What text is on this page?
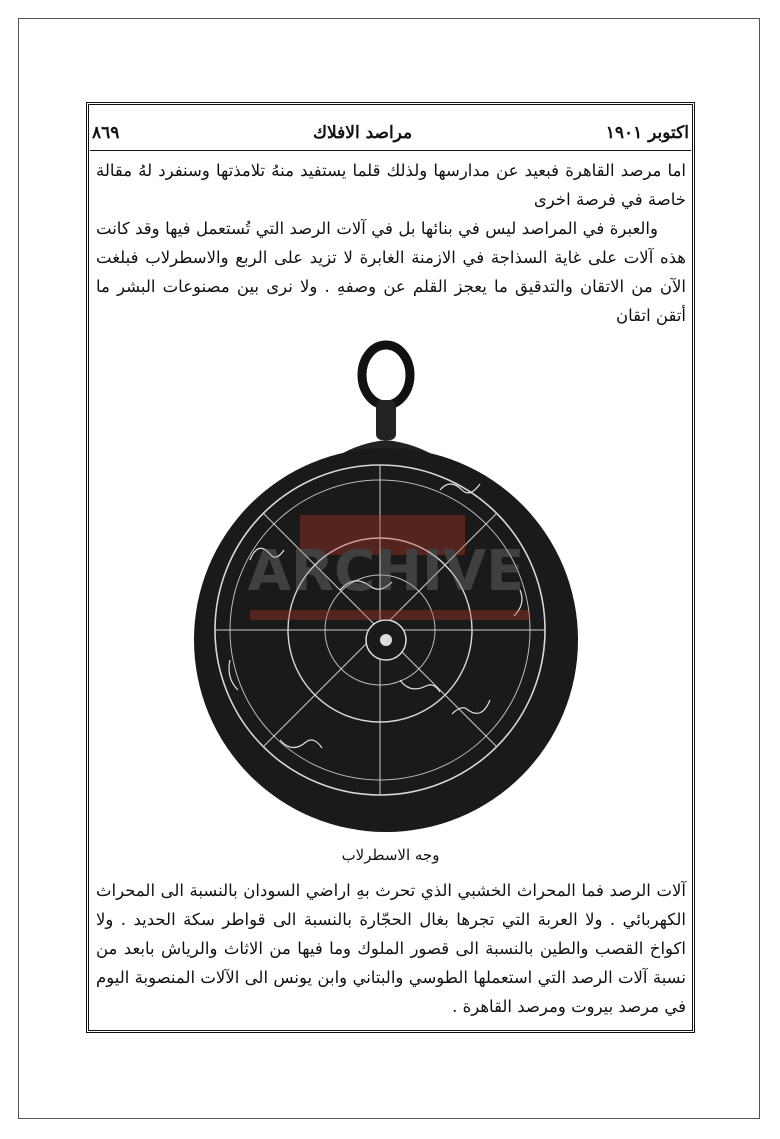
اكتوبر ١٩٠١
مراصد الافلاك
٨٦٩

اما مرصد القاهرة فبعيد عن مدارسها ولذلك قلما يستفيد منهُ تلامذتها وسنفرد لهُ مقالة خاصة في فرصة اخرى

والعبرة في المراصد ليس في بنائها بل في آلات الرصد التي تُستعمل فيها وقد كانت هذه آلات على غاية السذاجة في الازمنة الغابرة لا تزيد على الربع والاسطرلاب فبلغت الآن من الاتقان والتدقيق ما يعجز القلم عن وصفهِ . ولا نرى بين مصنوعات البشر ما أتقن اتقان

ARCHIVE
وجه الاسطرلاب

آلات الرصد فما المحراث الخشبي الذي تحرث بهِ اراضي السودان بالنسبة الى المحراث الكهربائي . ولا العربة التي تجرها بغال الحجّارة بالنسبة الى قواطر سكة الحديد . ولا اكواخ القصب والطين بالنسبة الى قصور الملوك وما فيها من الاثاث والرياش بابعد من نسبة آلات الرصد التي استعملها الطوسي والبتاني وابن يونس الى الآلات المنصوبة اليوم في مرصد بيروت ومرصد القاهرة .
